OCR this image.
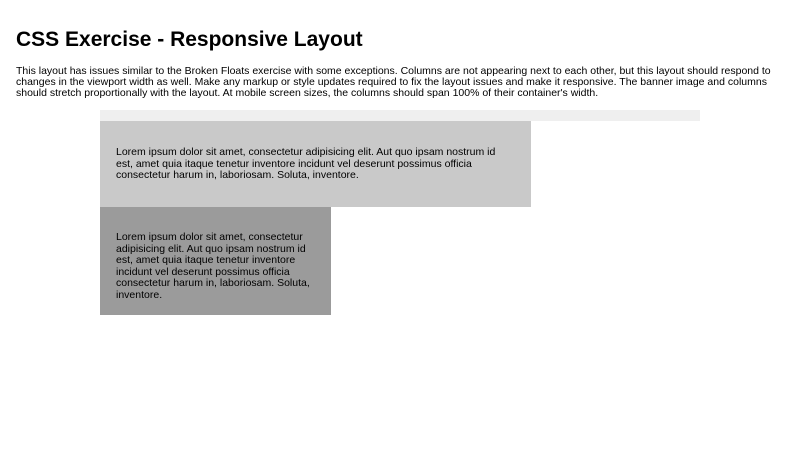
CSS Exercise - Responsive Layout

This layout has issues similar to the Broken Floats exercise with some exceptions. Columns are not appearing next to each other, but this layout should respond to changes in the viewport width as well. Make any markup or style updates required to fix the layout issues and make it responsive. The banner image and columns should stretch proportionally with the layout. At mobile screen sizes, the columns should span 100% of their container's width.

Lorem ipsum dolor sit amet, consectetur adipisicing elit. Aut quo ipsam nostrum id est, amet quia itaque tenetur inventore incidunt vel deserunt possimus officia consectetur harum in, laboriosam. Soluta, inventore.

Lorem ipsum dolor sit amet, consectetur adipisicing elit. Aut quo ipsam nostrum id est, amet quia itaque tenetur inventore incidunt vel deserunt possimus officia consectetur harum in, laboriosam. Soluta, inventore.
